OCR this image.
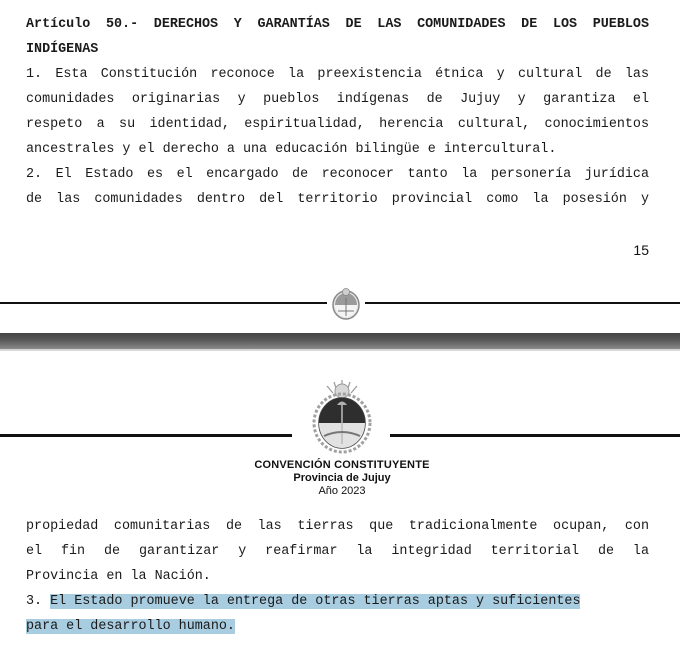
Artículo 50.- DERECHOS Y GARANTÍAS DE LAS COMUNIDADES DE LOS PUEBLOS
INDÍGENAS
1. Esta Constitución reconoce la preexistencia étnica y cultural de las
comunidades originarias y pueblos indígenas de Jujuy y garantiza el
respeto a su identidad, espiritualidad, herencia cultural, conocimientos
ancestrales y el derecho a una educación bilingüe e intercultural.
2. El Estado es el encargado de reconocer tanto la personería jurídica
de las comunidades dentro del territorio provincial como la posesión y
15
CONVENCIÓN CONSTITUYENTE
Provincia de Jujuy
Año 2023
propiedad comunitarias de las tierras que tradicionalmente ocupan, con
el fin de garantizar y reafirmar la integridad territorial de la
Provincia en la Nación.
3. El Estado promueve la entrega de otras tierras aptas y suficientes
para el desarrollo humano.
